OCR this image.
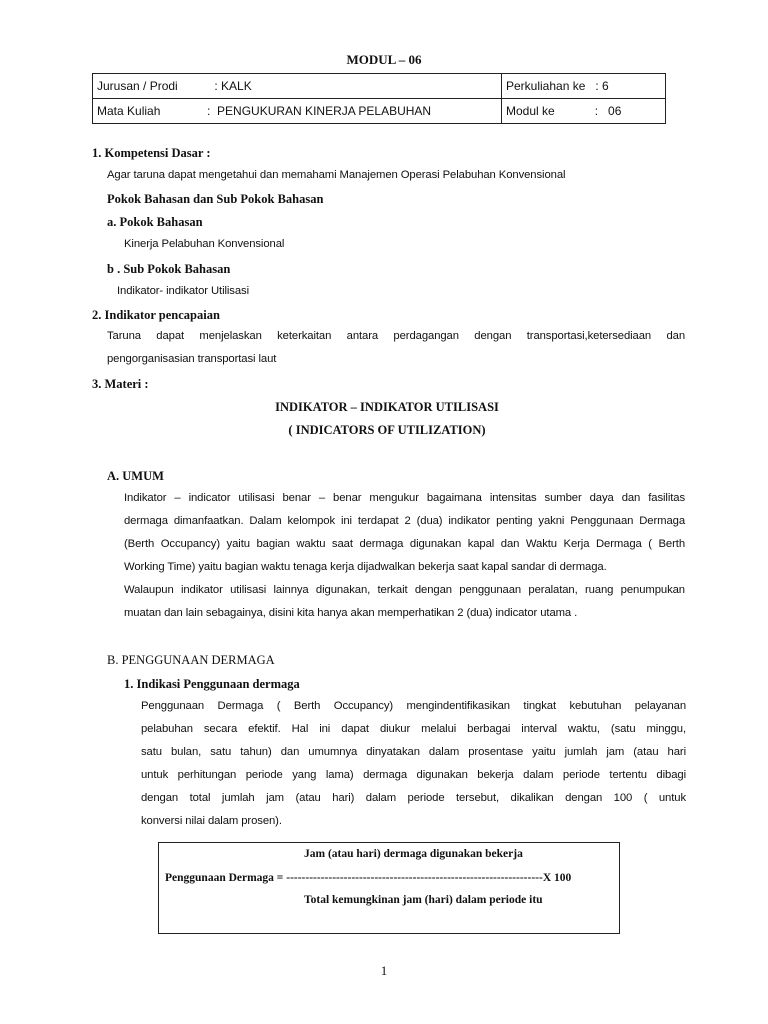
MODUL – 06
Jurusan / Prodi           : KALK	Perkuliahan ke   : 6
Mata Kuliah              :  PENGUKURAN KINERJA PELABUHAN	Modul ke            :   06
1. Kompetensi Dasar :
Agar taruna dapat mengetahui dan memahami Manajemen Operasi Pelabuhan Konvensional
Pokok Bahasan dan Sub Pokok Bahasan
a. Pokok Bahasan
Kinerja Pelabuhan Konvensional
b . Sub Pokok Bahasan
Indikator- indikator Utilisasi
2. Indikator pencapaian
Taruna dapat menjelaskan keterkaitan antara perdagangan dengan transportasi,ketersediaan dan
pengorganisasian transportasi laut
3. Materi :
INDIKATOR – INDIKATOR UTILISASI
( INDICATORS OF UTILIZATION)
A. UMUM
Indikator – indicator utilisasi benar – benar mengukur bagaimana intensitas sumber daya dan fasilitas
dermaga dimanfaatkan. Dalam kelompok ini terdapat 2 (dua) indikator penting yakni Penggunaan Dermaga
(Berth Occupancy) yaitu bagian waktu saat dermaga digunakan kapal dan Waktu Kerja Dermaga ( Berth
Working Time) yaitu bagian waktu tenaga kerja dijadwalkan bekerja saat kapal sandar di dermaga.
Walaupun indikator utilisasi lainnya digunakan, terkait dengan penggunaan peralatan, ruang penumpukan
muatan dan lain sebagainya, disini kita hanya akan memperhatikan 2 (dua) indicator utama .
B. PENGGUNAAN DERMAGA
1. Indikasi Penggunaan dermaga
Penggunaan Dermaga ( Berth Occupancy) mengindentifikasikan tingkat kebutuhan pelayanan
pelabuhan secara efektif. Hal ini dapat diukur melalui berbagai interval waktu, (satu minggu,
satu bulan, satu tahun) dan umumnya dinyatakan dalam prosentase yaitu jumlah jam (atau hari
untuk perhitungan periode yang lama) dermaga digunakan bekerja dalam periode tertentu dibagi
dengan total jumlah jam (atau hari) dalam periode tersebut, dikalikan dengan 100 ( untuk
konversi nilai dalam prosen).
Jam (atau hari) dermaga digunakan bekerja
Penggunaan Dermaga = -------------------------------------------------------------------X 100
Total kemungkinan jam (hari) dalam periode itu
1
